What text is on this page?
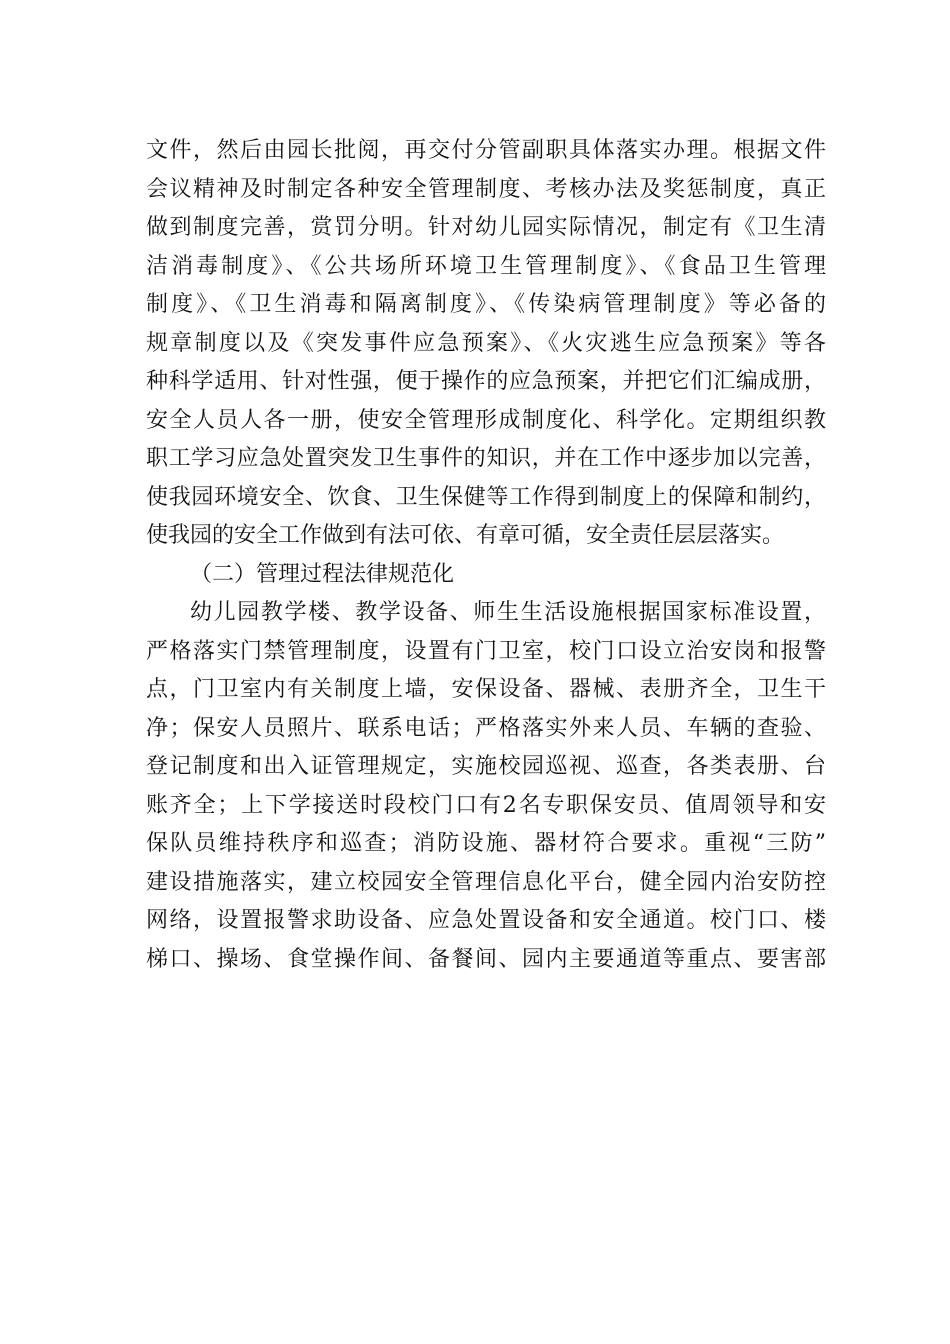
文件，然后由园长批阅，再交付分管副职具体落实办理。根据文件
会议精神及时制定各种安全管理制度、考核办法及奖惩制度，真正
做到制度完善，赏罚分明。针对幼儿园实际情况，制定有《卫生清
洁消毒制度》、《公共场所环境卫生管理制度》、《食品卫生管理
制度》、《卫生消毒和隔离制度》、《传染病管理制度》等必备的
规章制度以及《突发事件应急预案》、《火灾逃生应急预案》等各
种科学适用、针对性强，便于操作的应急预案，并把它们汇编成册，
安全人员人各一册，使安全管理形成制度化、科学化。定期组织教
职工学习应急处置突发卫生事件的知识，并在工作中逐步加以完善，
使我园环境安全、饮食、卫生保健等工作得到制度上的保障和制约，
使我园的安全工作做到有法可依、有章可循，安全责任层层落实。
（二）管理过程法律规范化
幼儿园教学楼、教学设备、师生生活设施根据国家标准设置，
严格落实门禁管理制度，设置有门卫室，校门口设立治安岗和报警
点，门卫室内有关制度上墙，安保设备、器械、表册齐全，卫生干
净；保安人员照片、联系电话；严格落实外来人员、车辆的查验、
登记制度和出入证管理规定，实施校园巡视、巡查，各类表册、台
账齐全；上下学接送时段校门口有2名专职保安员、值周领导和安
保队员维持秩序和巡查；消防设施、器材符合要求。重视“三防”
建设措施落实，建立校园安全管理信息化平台，健全园内治安防控
网络，设置报警求助设备、应急处置设备和安全通道。校门口、楼
梯口、操场、食堂操作间、备餐间、园内主要通道等重点、要害部
